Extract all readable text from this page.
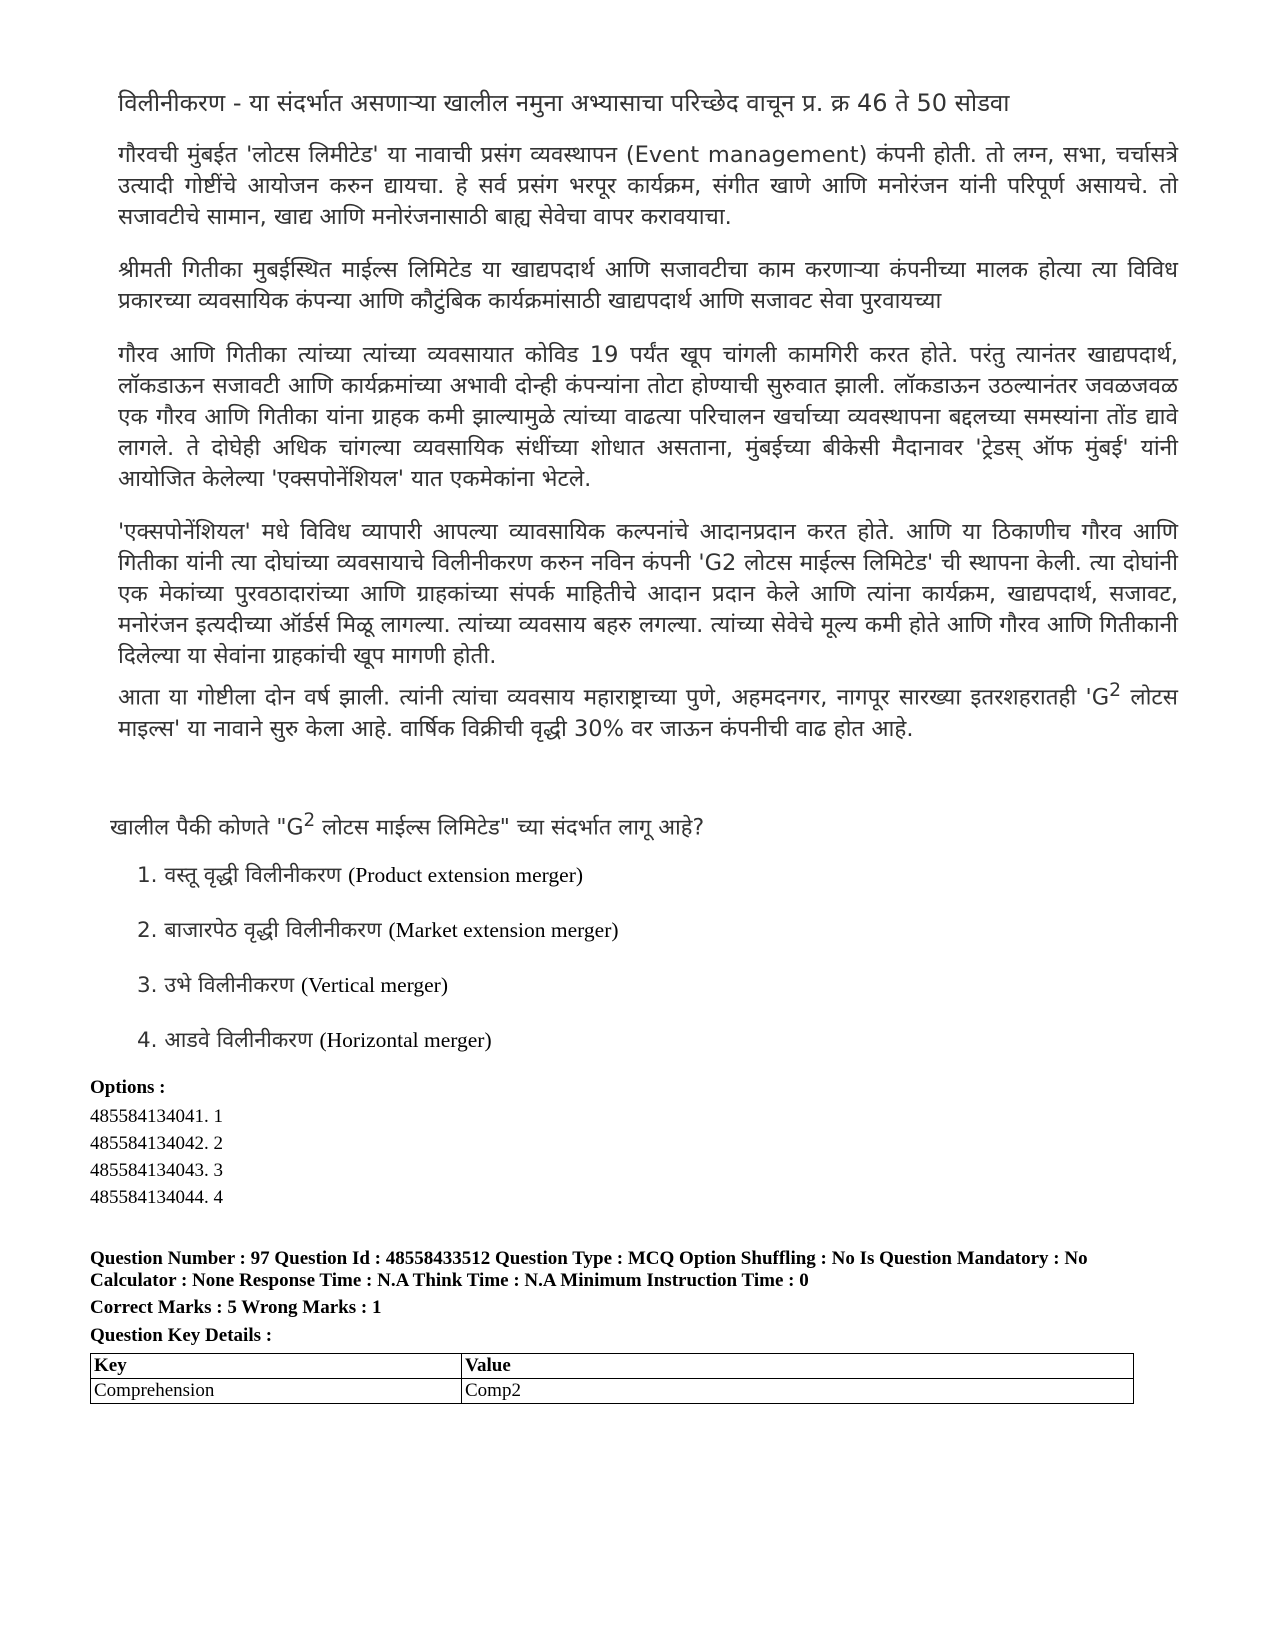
विलीनीकरण - या संदर्भात असणाऱ्या खालील नमुना अभ्यासाचा परिच्छेद वाचून प्र. क्र 46 ते 50 सोडवा

गौरवची मुंबईत 'लोटस लिमीटेड' या नावाची प्रसंग व्यवस्थापन (Event management) कंपनी होती. तो लग्न, सभा, चर्चासत्रे उत्यादी गोष्टींचे आयोजन करुन द्यायचा. हे सर्व प्रसंग भरपूर कार्यक्रम, संगीत खाणे आणि मनोरंजन यांनी परिपूर्ण असायचे. तो सजावटीचे सामान, खाद्य आणि मनोरंजनासाठी बाह्य सेवेचा वापर करावयाचा.

श्रीमती गितीका मुबईस्थित माईल्स लिमिटेड या खाद्यपदार्थ आणि सजावटीचा काम करणाऱ्या कंपनीच्या मालक होत्या त्या विविध प्रकारच्या व्यवसायिक कंपन्या आणि कौटुंबिक कार्यक्रमांसाठी खाद्यपदार्थ आणि सजावट सेवा पुरवायच्या

गौरव आणि गितीका त्यांच्या त्यांच्या व्यवसायात कोविड 19 पर्यंत खूप चांगली कामगिरी करत होते. परंतु त्यानंतर खाद्यपदार्थ, लॉकडाऊन सजावटी आणि कार्यक्रमांच्या अभावी दोन्ही कंपन्यांना तोटा होण्याची सुरुवात झाली. लॉकडाऊन उठल्यानंतर जवळजवळ एक गौरव आणि गितीका यांना ग्राहक कमी झाल्यामुळे त्यांच्या वाढत्या परिचालन खर्चाच्या व्यवस्थापना बद्दलच्या समस्यांना तोंड द्यावे लागले. ते दोघेही अधिक चांगल्या व्यवसायिक संधींच्या शोधात असताना, मुंबईच्या बीकेसी मैदानावर 'ट्रेडस् ऑफ मुंबई' यांनी आयोजित केलेल्या 'एक्सपोनेंशियल' यात एकमेकांना भेटले.

'एक्सपोनेंशियल' मधे विविध व्यापारी आपल्या व्यावसायिक कल्पनांचे आदानप्रदान करत होते. आणि या ठिकाणीच गौरव आणि गितीका यांनी त्या दोघांच्या व्यवसायाचे विलीनीकरण करुन नविन कंपनी 'G2 लोटस माईल्स लिमिटेड' ची स्थापना केली. त्या दोघांनी एक मेकांच्या पुरवठादारांच्या आणि ग्राहकांच्या संपर्क माहितीचे आदान प्रदान केले आणि त्यांना कार्यक्रम, खाद्यपदार्थ, सजावट, मनोरंजन इत्यदीच्या ऑर्डर्स मिळू लागल्या. त्यांच्या व्यवसाय बहरु लगल्या. त्यांच्या सेवेचे मूल्य कमी होते आणि गौरव आणि गितीकानी दिलेल्या या सेवांना ग्राहकांची खूप मागणी होती.

आता या गोष्टीला दोन वर्ष झाली. त्यांनी त्यांचा व्यवसाय महाराष्ट्राच्या पुणे, अहमदनगर, नागपूर सारख्या इतरशहरातही '$G^2$ लोटस माइल्स' या नावाने सुरु केला आहे. वार्षिक विक्रीची वृद्धी 30% वर जाऊन कंपनीची वाढ होत आहे.

खालील पैकी कोणते "$G^2$ लोटस माईल्स लिमिटेड" च्या संदर्भात लागू आहे?
1. वस्तू वृद्धी विलीनीकरण (Product extension merger)
2. बाजारपेठ वृद्धी विलीनीकरण (Market extension merger)
3. उभे विलीनीकरण (Vertical merger)
4. आडवे विलीनीकरण (Horizontal merger)
Options :
485584134041. 1
485584134042. 2
485584134043. 3
485584134044. 4
Question Number : 97 Question Id : 48558433512 Question Type : MCQ Option Shuffling : No Is Question Mandatory : No Calculator : None Response Time : N.A Think Time : N.A Minimum Instruction Time : 0
Correct Marks : 5 Wrong Marks : 1
Question Key Details :
Key	Value
Comprehension	Comp2
